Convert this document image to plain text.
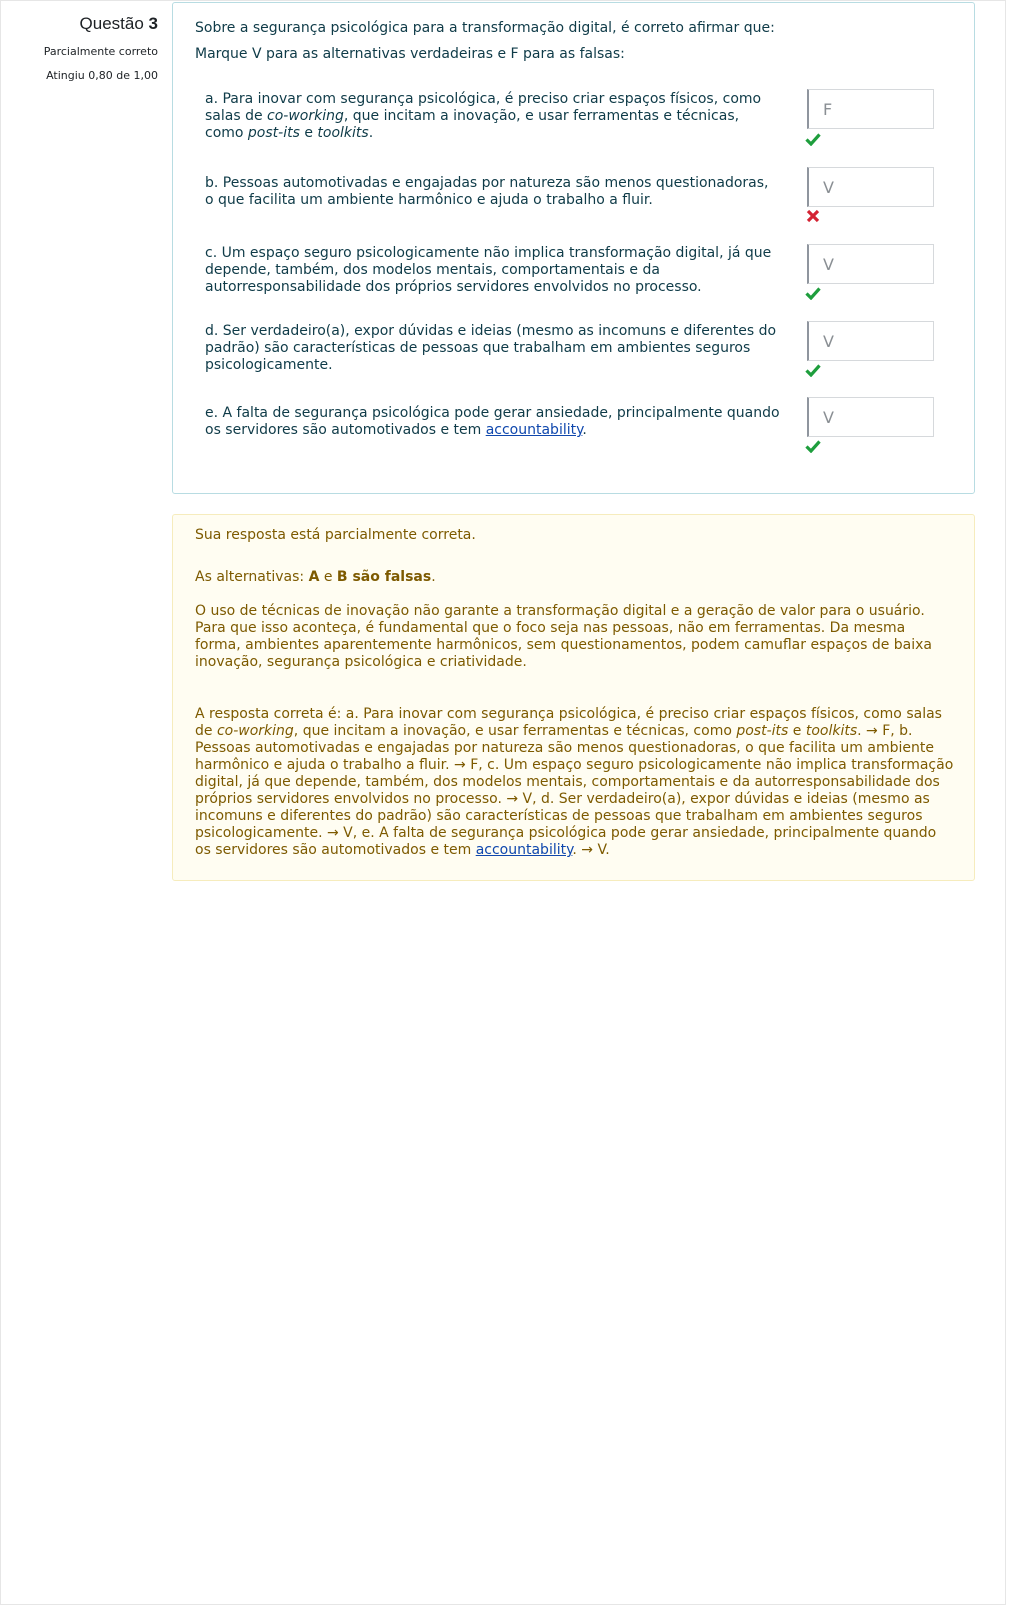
Questão 3
Parcialmente correto
Atingiu 0,80 de 1,00
Sobre a segurança psicológica para a transformação digital, é correto afirmar que:
Marque V para as alternativas verdadeiras e F para as falsas:
a. Para inovar com segurança psicológica, é preciso criar espaços físicos, como salas de co-working, que incitam a inovação, e usar ferramentas e técnicas, como post-its e toolkits.
F
b. Pessoas automotivadas e engajadas por natureza são menos questionadoras, o que facilita um ambiente harmônico e ajuda o trabalho a fluir.
V
c. Um espaço seguro psicologicamente não implica transformação digital, já que depende, também, dos modelos mentais, comportamentais e da autorresponsabilidade dos próprios servidores envolvidos no processo.
V
d. Ser verdadeiro(a), expor dúvidas e ideias (mesmo as incomuns e diferentes do padrão) são características de pessoas que trabalham em ambientes seguros psicologicamente.
V
e. A falta de segurança psicológica pode gerar ansiedade, principalmente quando os servidores são automotivados e tem accountability.
V
Sua resposta está parcialmente correta.
As alternativas: A e B são falsas.
O uso de técnicas de inovação não garante a transformação digital e a geração de valor para o usuário. Para que isso aconteça, é fundamental que o foco seja nas pessoas, não em ferramentas. Da mesma forma, ambientes aparentemente harmônicos, sem questionamentos, podem camuflar espaços de baixa inovação, segurança psicológica e criatividade.
A resposta correta é: a. Para inovar com segurança psicológica, é preciso criar espaços físicos, como salas de co-working, que incitam a inovação, e usar ferramentas e técnicas, como post-its e toolkits. → F, b. Pessoas automotivadas e engajadas por natureza são menos questionadoras, o que facilita um ambiente harmônico e ajuda o trabalho a fluir. → F, c. Um espaço seguro psicologicamente não implica transformação digital, já que depende, também, dos modelos mentais, comportamentais e da autorresponsabilidade dos próprios servidores envolvidos no processo. → V, d. Ser verdadeiro(a), expor dúvidas e ideias (mesmo as incomuns e diferentes do padrão) são características de pessoas que trabalham em ambientes seguros psicologicamente. → V, e. A falta de segurança psicológica pode gerar ansiedade, principalmente quando os servidores são automotivados e tem accountability. → V.
